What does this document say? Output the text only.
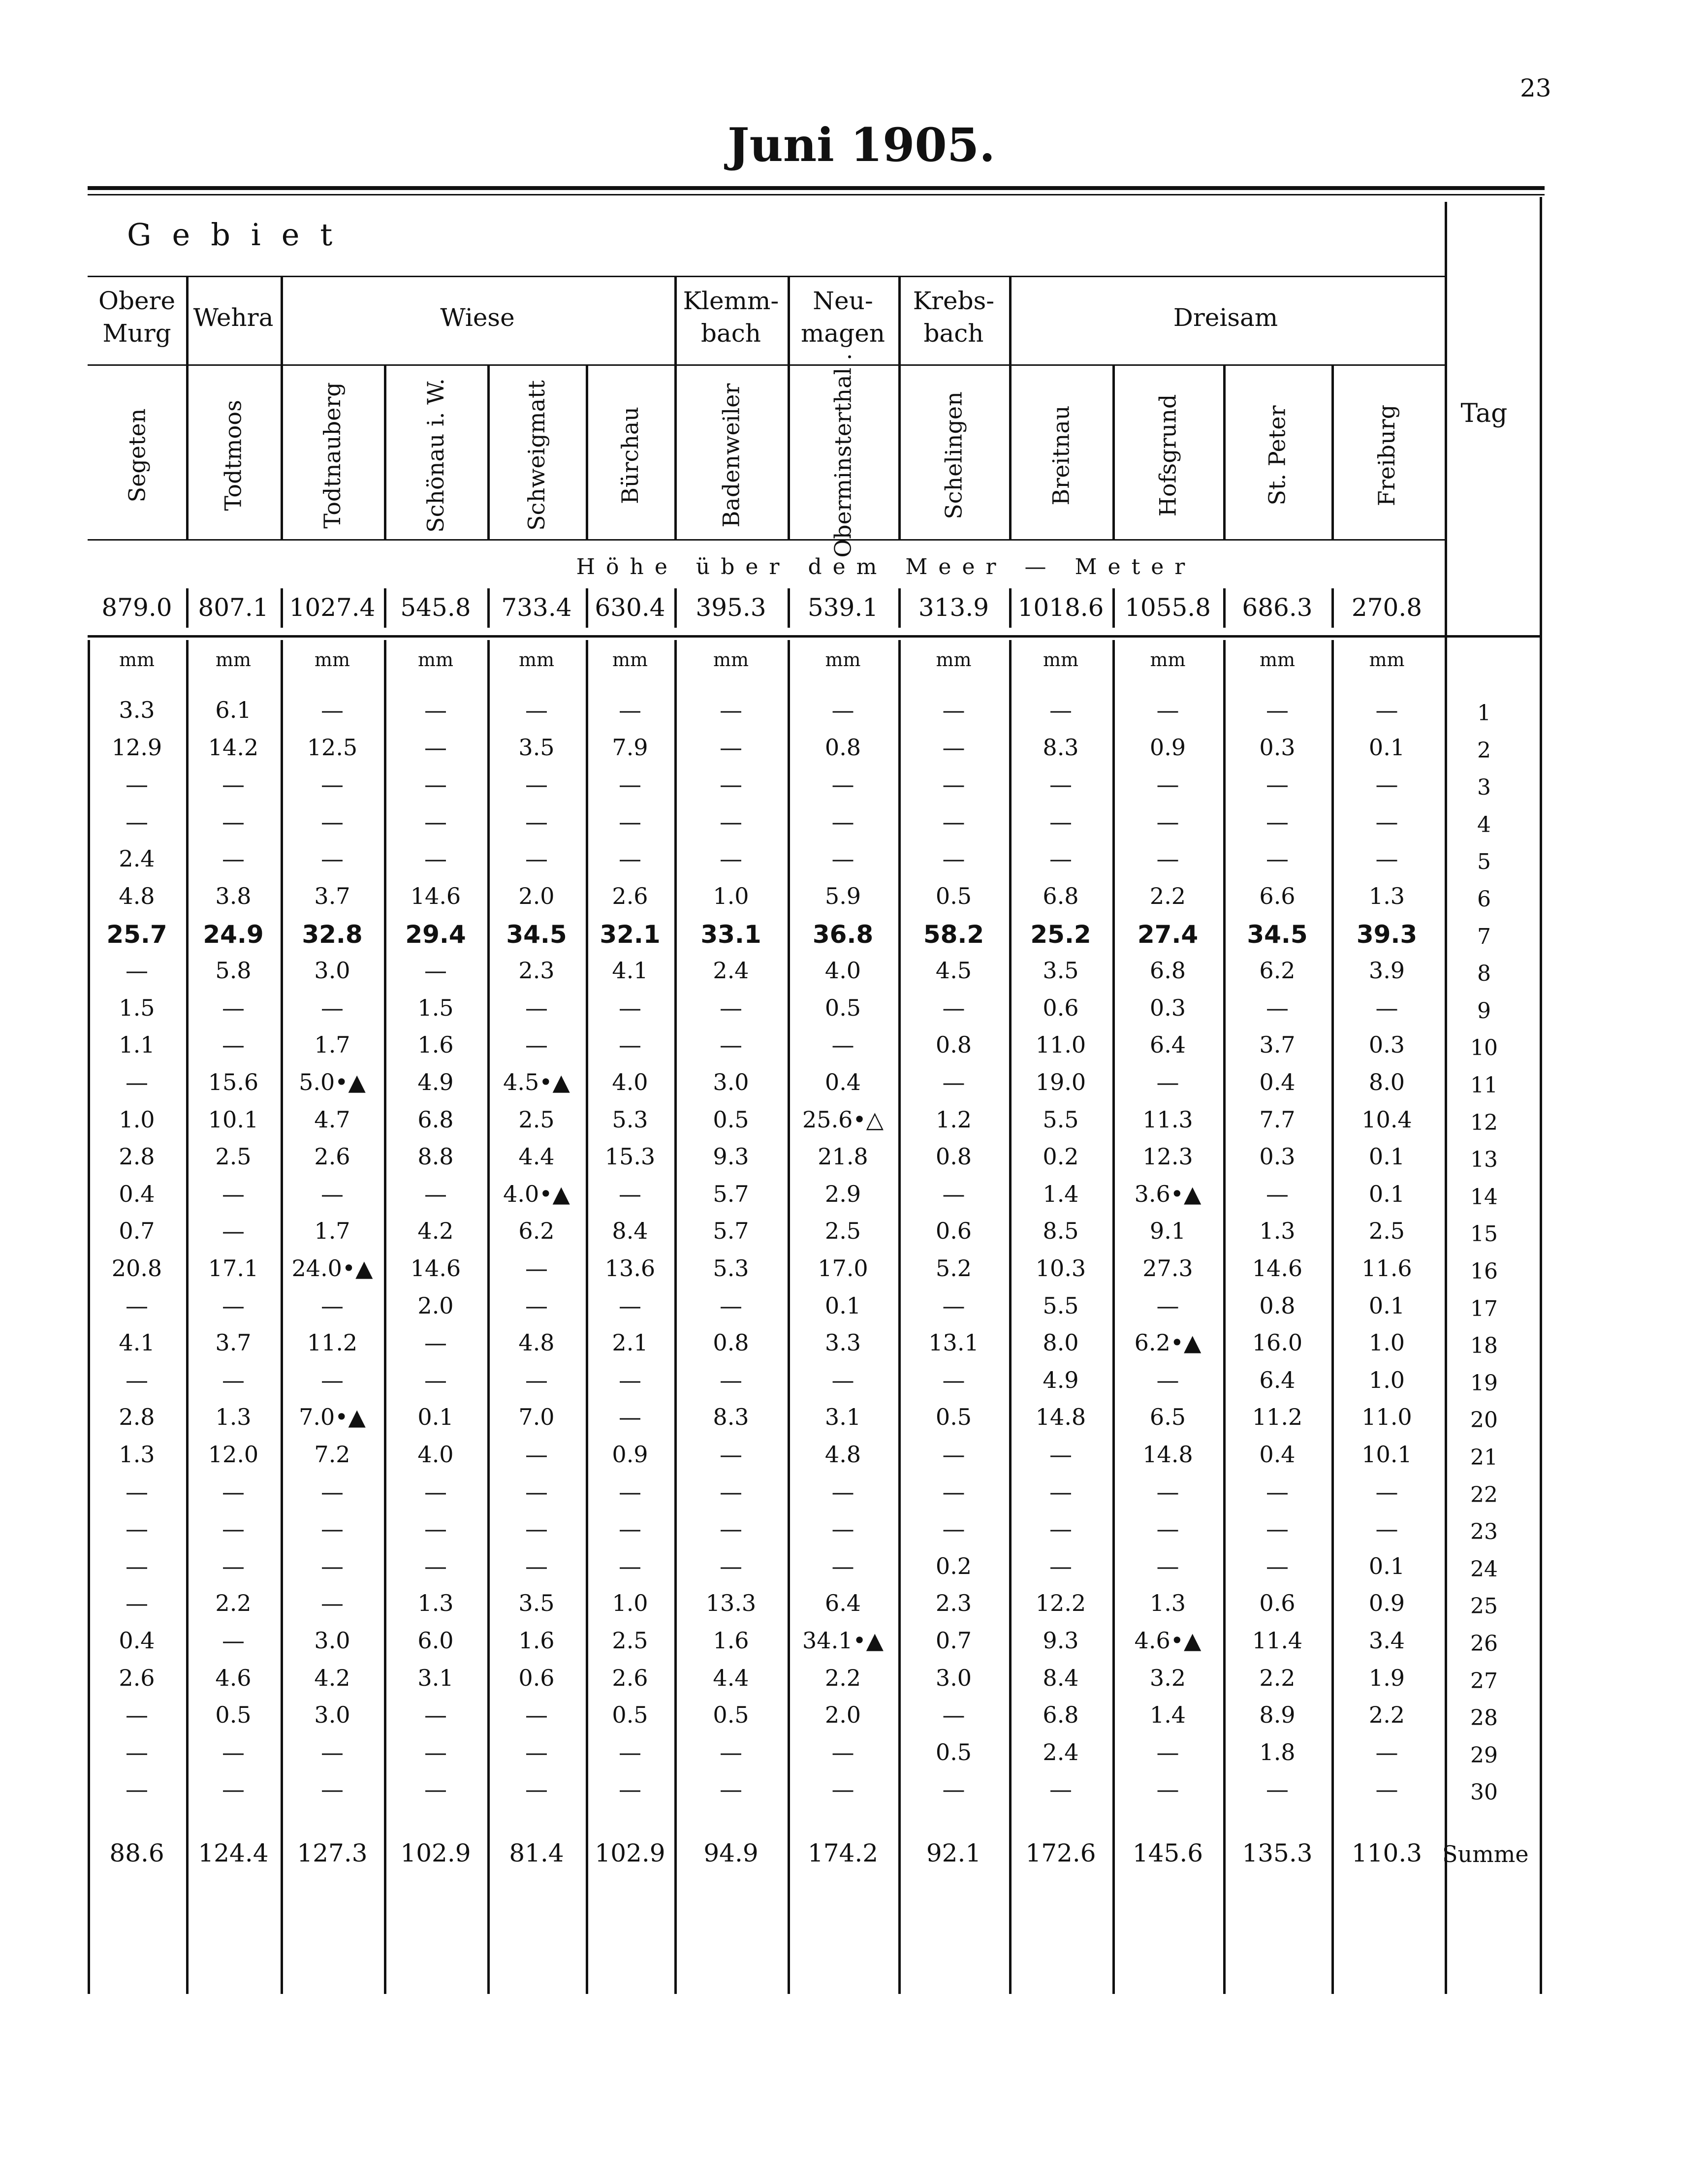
23
Juni 1905.
Gebiet
Obere
Murg
Wehra	Wiese
Klemm-
bach
Neu-
magen
Krebs-
bach
Dreisam
Segeten	Todtmoos	Todtnauberg	Schönau i. W.	Schweigmatt	Bürchau	Badenweiler	Oberminsterthal .	Schelingen	Breitnau	Hofsgrund	St. Peter	Freiburg	Tag
Höhe über dem Meer — Meter
879.0	807.1 1027.4	545.8	733.4 630.4	395.3	539.1	313.9	1018.6 1055.8	686.3	270.8
mm	mm	mm	mm	mm	mm	mm	mm	mm	mm	mm	mm	mm
3.3	6.1	—	—	—	—	—	—	—	—	—	—	—	1
12.9	14.2	12.5	—	3.5	7.9	—	0.8	—	8.3	0.9	0.3	0.1	2
—	—	—	—	—	—	—	—	—	—	—	—	—	3
—	—	—	—	—	—	—	—	—	—	—	—	—	4
2.4	—	—	—	—	—	—	—	—	—	—	—	—	5
4.8	3.8	3.7	14.6	2.0	2.6	1.0	5.9	0.5	6.8	2.2	6.6	1.3	6
25.7	24.9	32.8	29.4	34.5	32.1	33.1	36.8	58.2	25.2	27.4	34.5	39.3	7
—	5.8	3.0	—	2.3	4.1	2.4	4.0	4.5	3.5	6.8	6.2	3.9	8
1.5	—	—	1.5	—	—	—	0.5	—	0.6	0.3	—	—	9
1.1	—	1.7	1.6	—	—	—	—	0.8	11.0	6.4	3.7	0.3	10
—	15.6	5.0•▲	4.9	4.5•▲	4.0	3.0	0.4	—	19.0	—	0.4	8.0	11
1.0	10.1	4.7	6.8	2.5	5.3	0.5	25.6•△	1.2	5.5	11.3	7.7	10.4	12
2.8	2.5	2.6	8.8	4.4	15.3	9.3	21.8	0.8	0.2	12.3	0.3	0.1	13
0.4	—	—	—	4.0•▲	—	5.7	2.9	—	1.4	3.6•▲	—	0.1	14
0.7	—	1.7	4.2	6.2	8.4	5.7	2.5	0.6	8.5	9.1	1.3	2.5	15
20.8	17.1	24.0•▲	14.6	—	13.6	5.3	17.0	5.2	10.3	27.3	14.6	11.6	16
—	—	—	2.0	—	—	—	0.1	—	5.5	—	0.8	0.1	17
4.1	3.7	11.2	—	4.8	2.1	0.8	3.3	13.1	8.0	6.2•▲	16.0	1.0	18
—	—	—	—	—	—	—	—	—	4.9	—	6.4	1.0	19
2.8	1.3	7.0•▲	0.1	7.0	—	8.3	3.1	0.5	14.8	6.5	11.2	11.0	20
1.3	12.0	7.2	4.0	—	0.9	—	4.8	—	—	14.8	0.4	10.1	21
—	—	—	—	—	—	—	—	—	—	—	—	—	22
—	—	—	—	—	—	—	—	—	—	—	—	—	23
—	—	—	—	—	—	—	—	0.2	—	—	—	0.1	24
—	2.2	—	1.3	3.5	1.0	13.3	6.4	2.3	12.2	1.3	0.6	0.9	25
0.4	—	3.0	6.0	1.6	2.5	1.6	34.1•▲	0.7	9.3	4.6•▲	11.4	3.4	26
2.6	4.6	4.2	3.1	0.6	2.6	4.4	2.2	3.0	8.4	3.2	2.2	1.9	27
—	0.5	3.0	—	—	0.5	0.5	2.0	—	6.8	1.4	8.9	2.2	28
—	—	—	—	—	—	—	—	0.5	2.4	—	1.8	—	29
—	—	—	—	—	—	—	—	—	—	—	—	—	30
88.6	124.4	127.3	102.9	81.4	102.9	94.9	174.2	92.1	172.6	145.6	135.3	110.3 Summe
